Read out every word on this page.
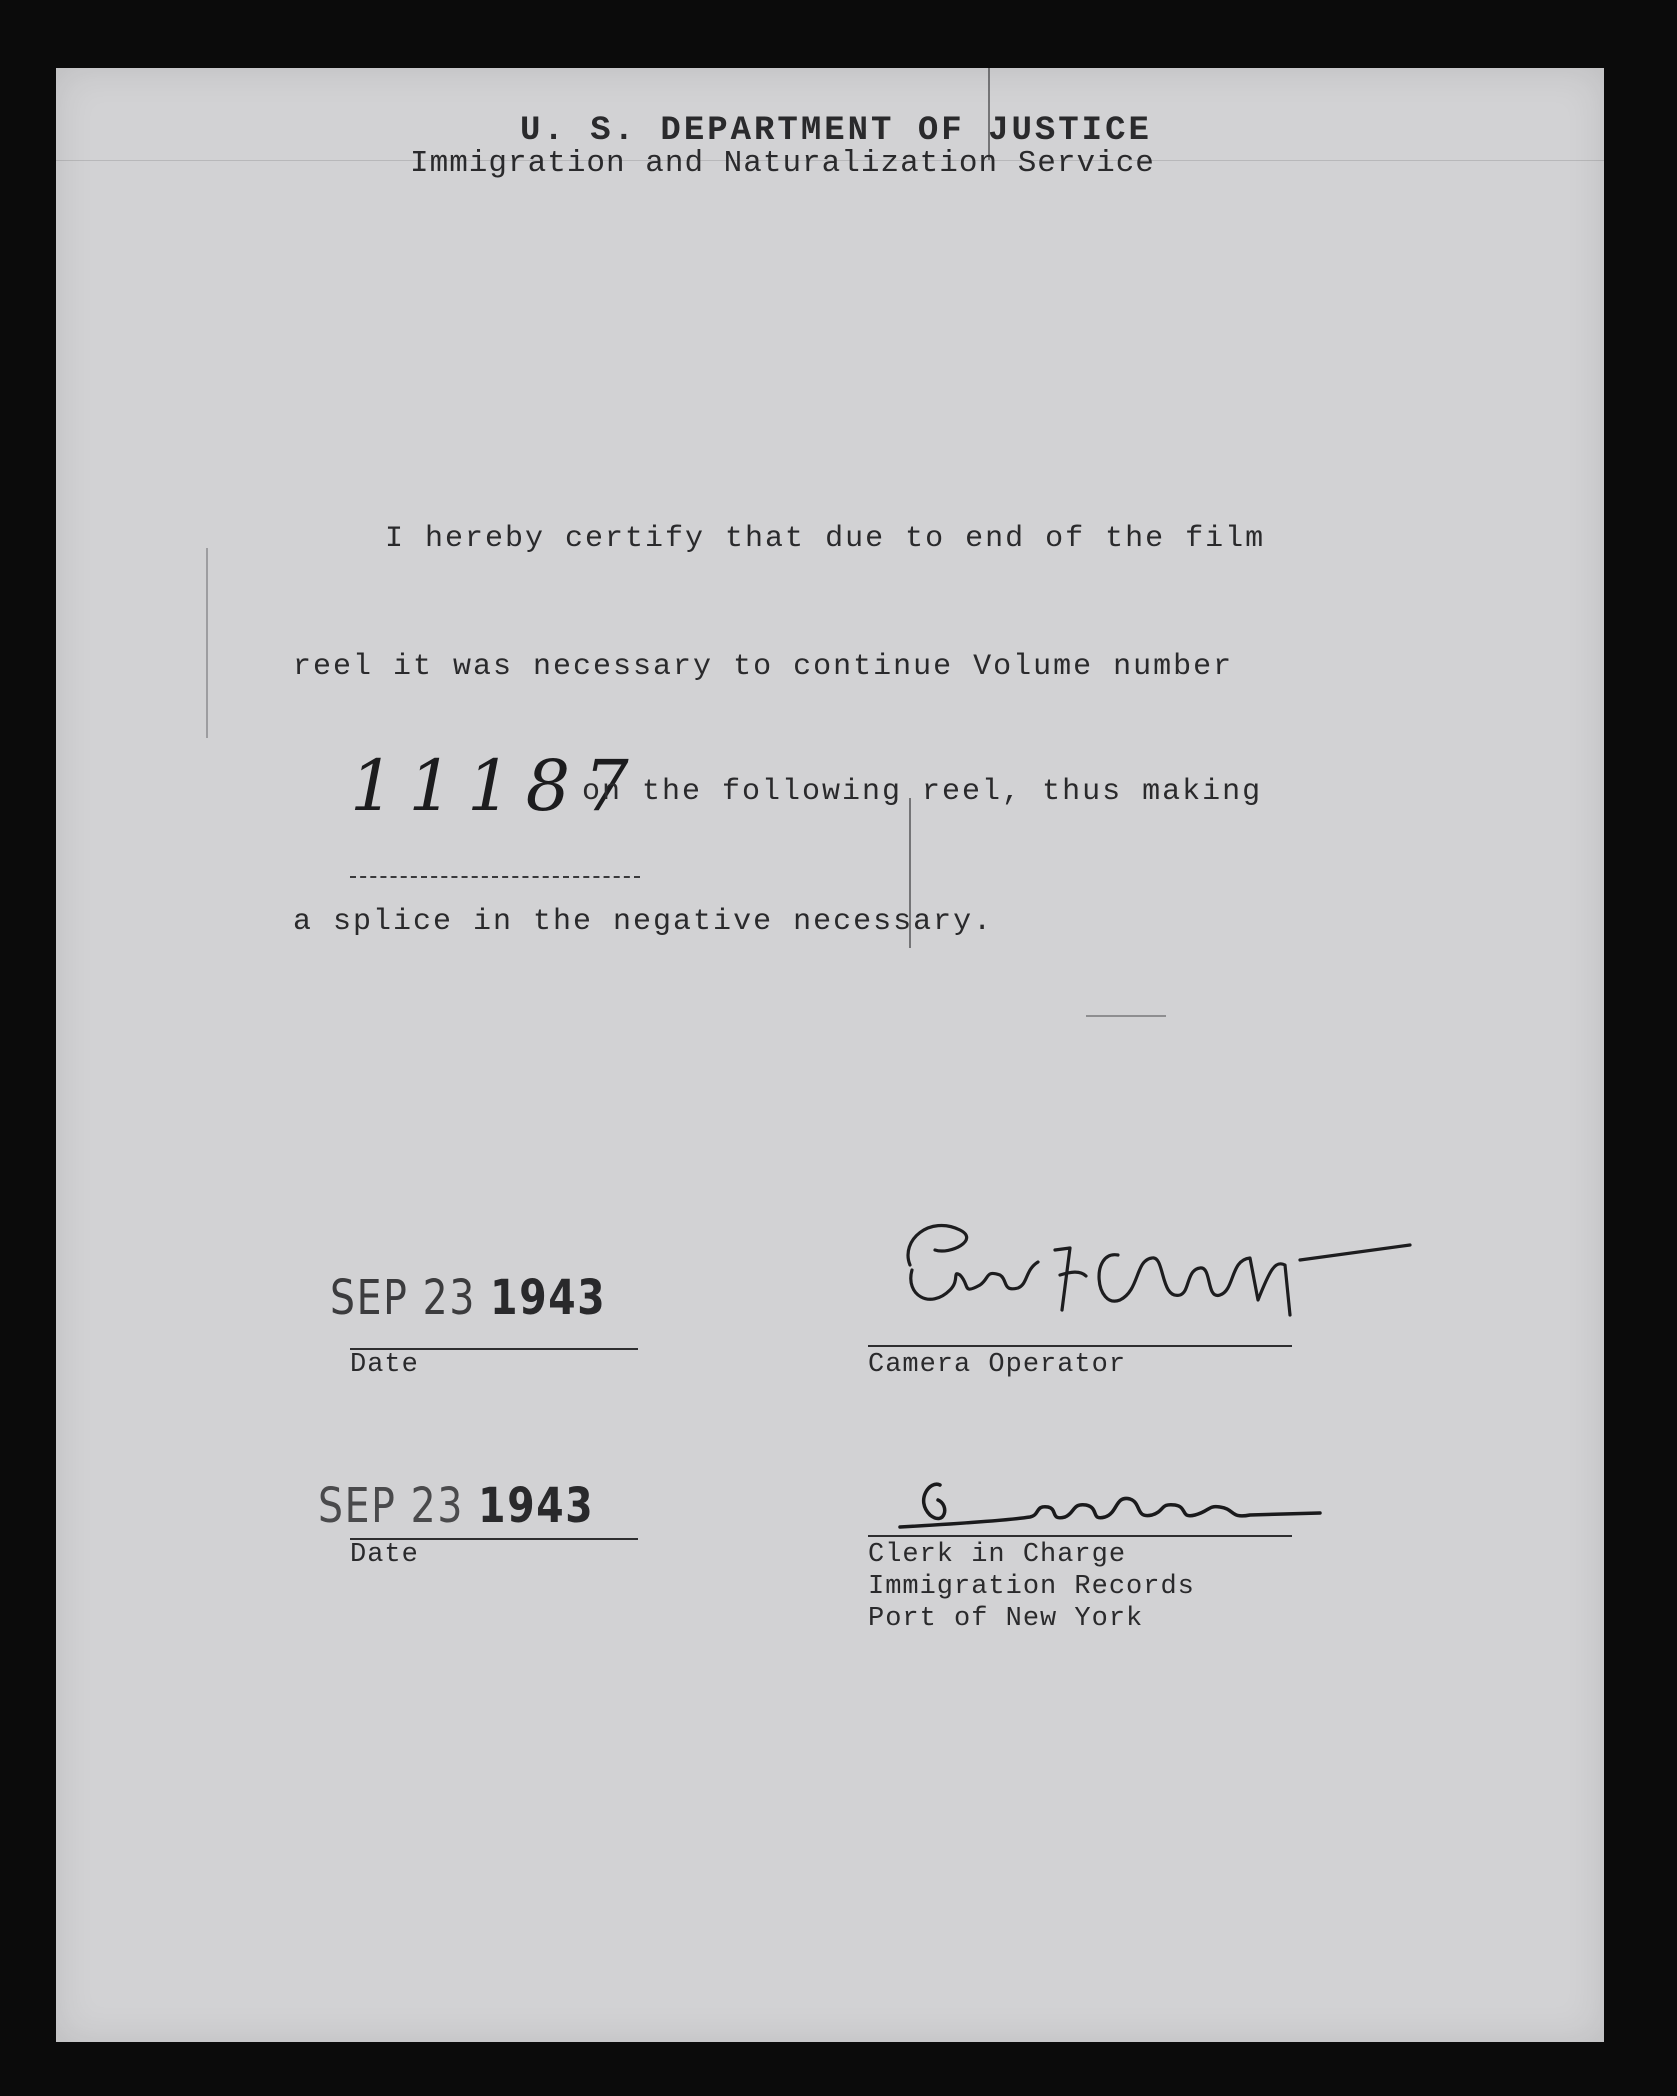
U. S. DEPARTMENT OF JUSTICE
Immigration and Naturalization Service
I hereby certify that due to end of the film
reel it was necessary to continue Volume number
11187
on the following reel, thus making
a splice in the negative necessary.
SEP 23 1943
Date	Camera Operator
SEP 23 1943
Date	Clerk in Charge
Immigration Records
Port of New York
